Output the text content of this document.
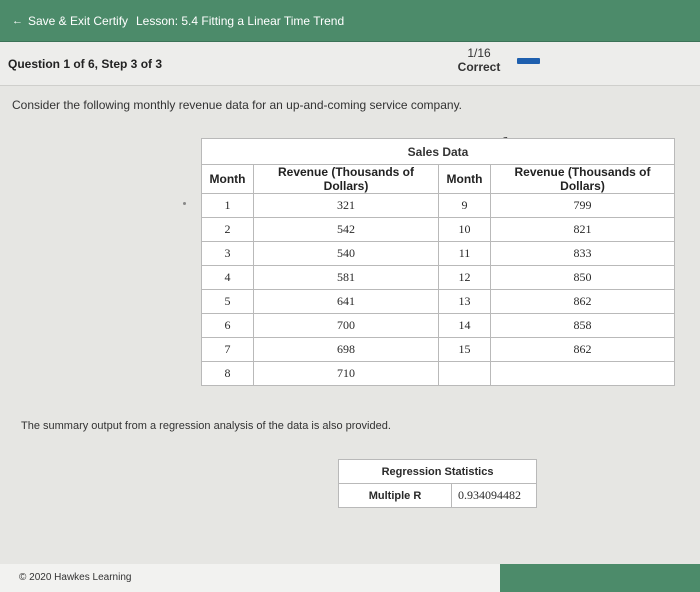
← Save & Exit Certify Lesson: 5.4 Fitting a Linear Time Trend
Question 1 of 6, Step 3 of 3
1/16
Correct
Consider the following monthly revenue data for an up-and-coming service company.
Sales Data			
Month	Revenue (Thousands of Dollars)	Month	Revenue (Thousands of Dollars)
1	321	9	799
2	542	10	821
3	540	11	833
4	581	12	850
5	641	13	862
6	700	14	858
7	698	15	862
8	710		
The summary output from a regression analysis of the data is also provided.
Regression Statistics
Multiple R	0.934094482
© 2020 Hawkes Learning
